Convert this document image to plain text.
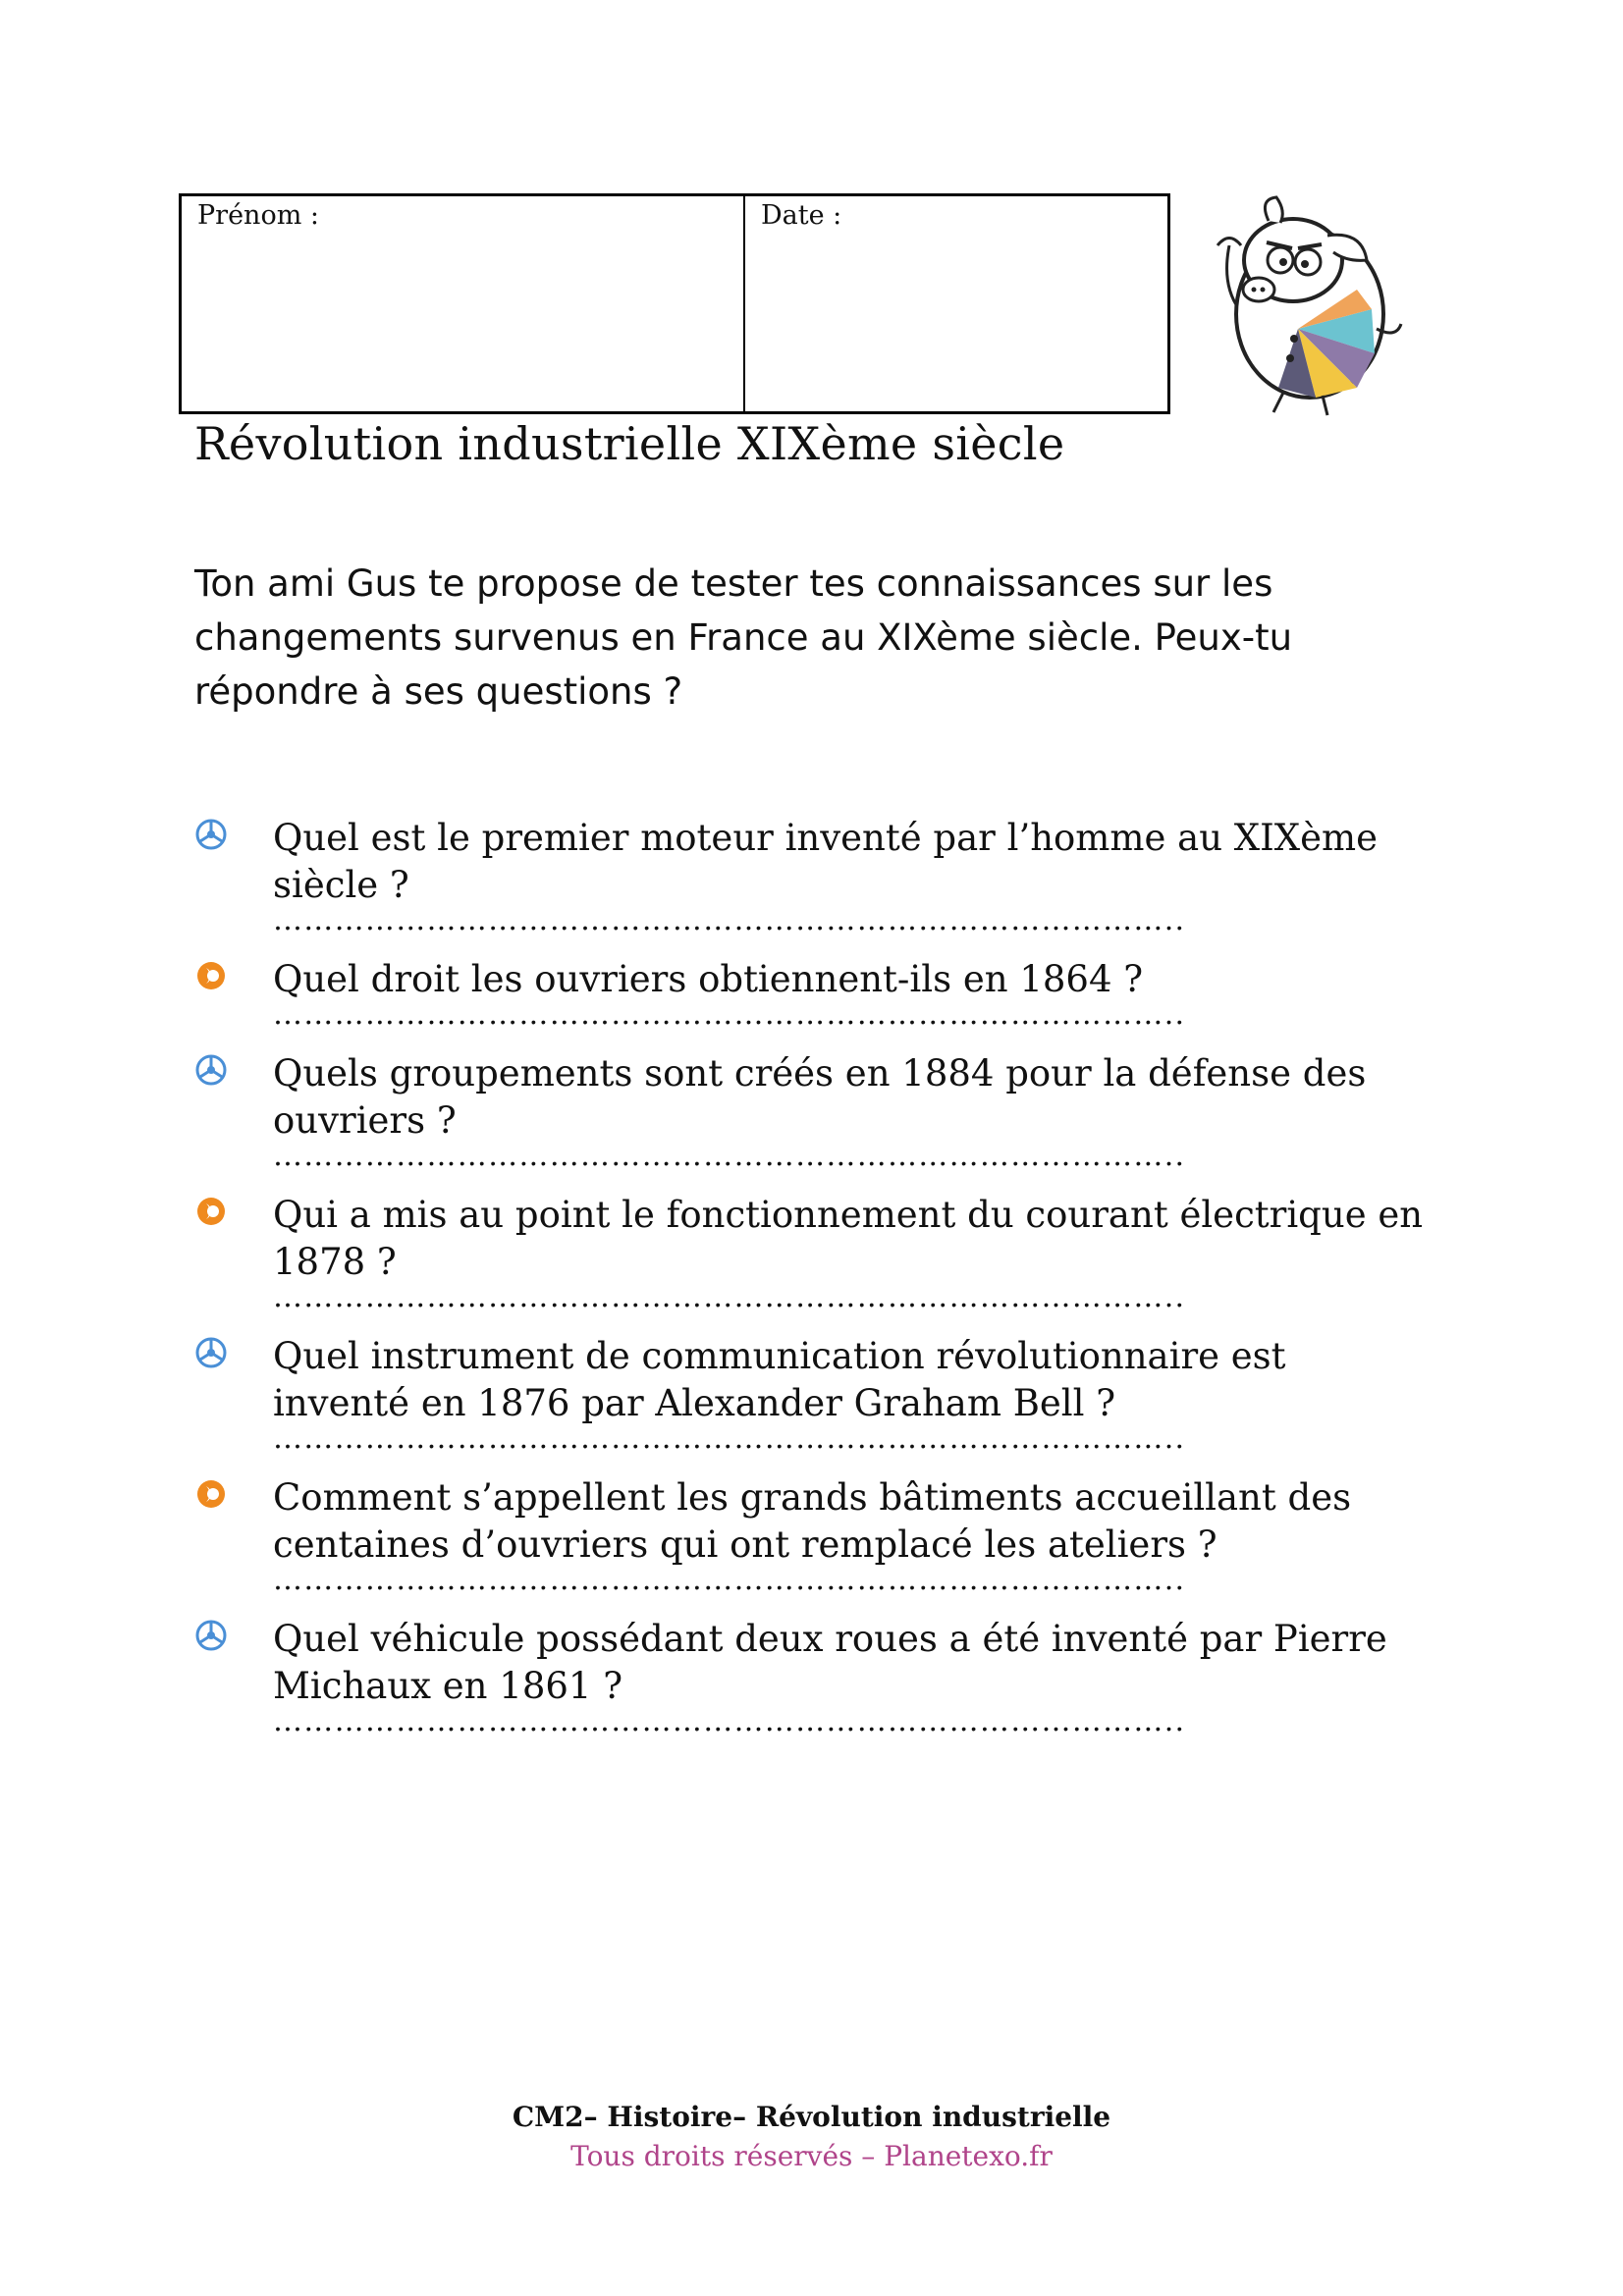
Prénom :	Date :
Révolution industrielle XIXème siècle
Ton ami Gus te propose de tester tes connaissances sur les changements survenus en France au XIXème siècle. Peux-tu répondre à ses questions ?
Quel est le premier moteur inventé par l’homme au XIXème siècle ?
……………………………………………………………………………..
Quel droit les ouvriers obtiennent-ils en 1864 ?
……………………………………………………………………………..
Quels groupements sont créés en 1884 pour la défense des ouvriers ?
……………………………………………………………………………..
Qui a mis au point le fonctionnement du courant électrique en 1878 ?
……………………………………………………………………………..
Quel instrument de communication révolutionnaire est inventé en 1876 par Alexander Graham Bell ?
……………………………………………………………………………..
Comment s’appellent les grands bâtiments accueillant des centaines d’ouvriers qui ont remplacé les ateliers ?
……………………………………………………………………………..
Quel véhicule possédant deux roues a été inventé par Pierre Michaux en 1861 ?
……………………………………………………………………………..
CM2– Histoire– Révolution industrielle
Tous droits réservés – Planetexo.fr
